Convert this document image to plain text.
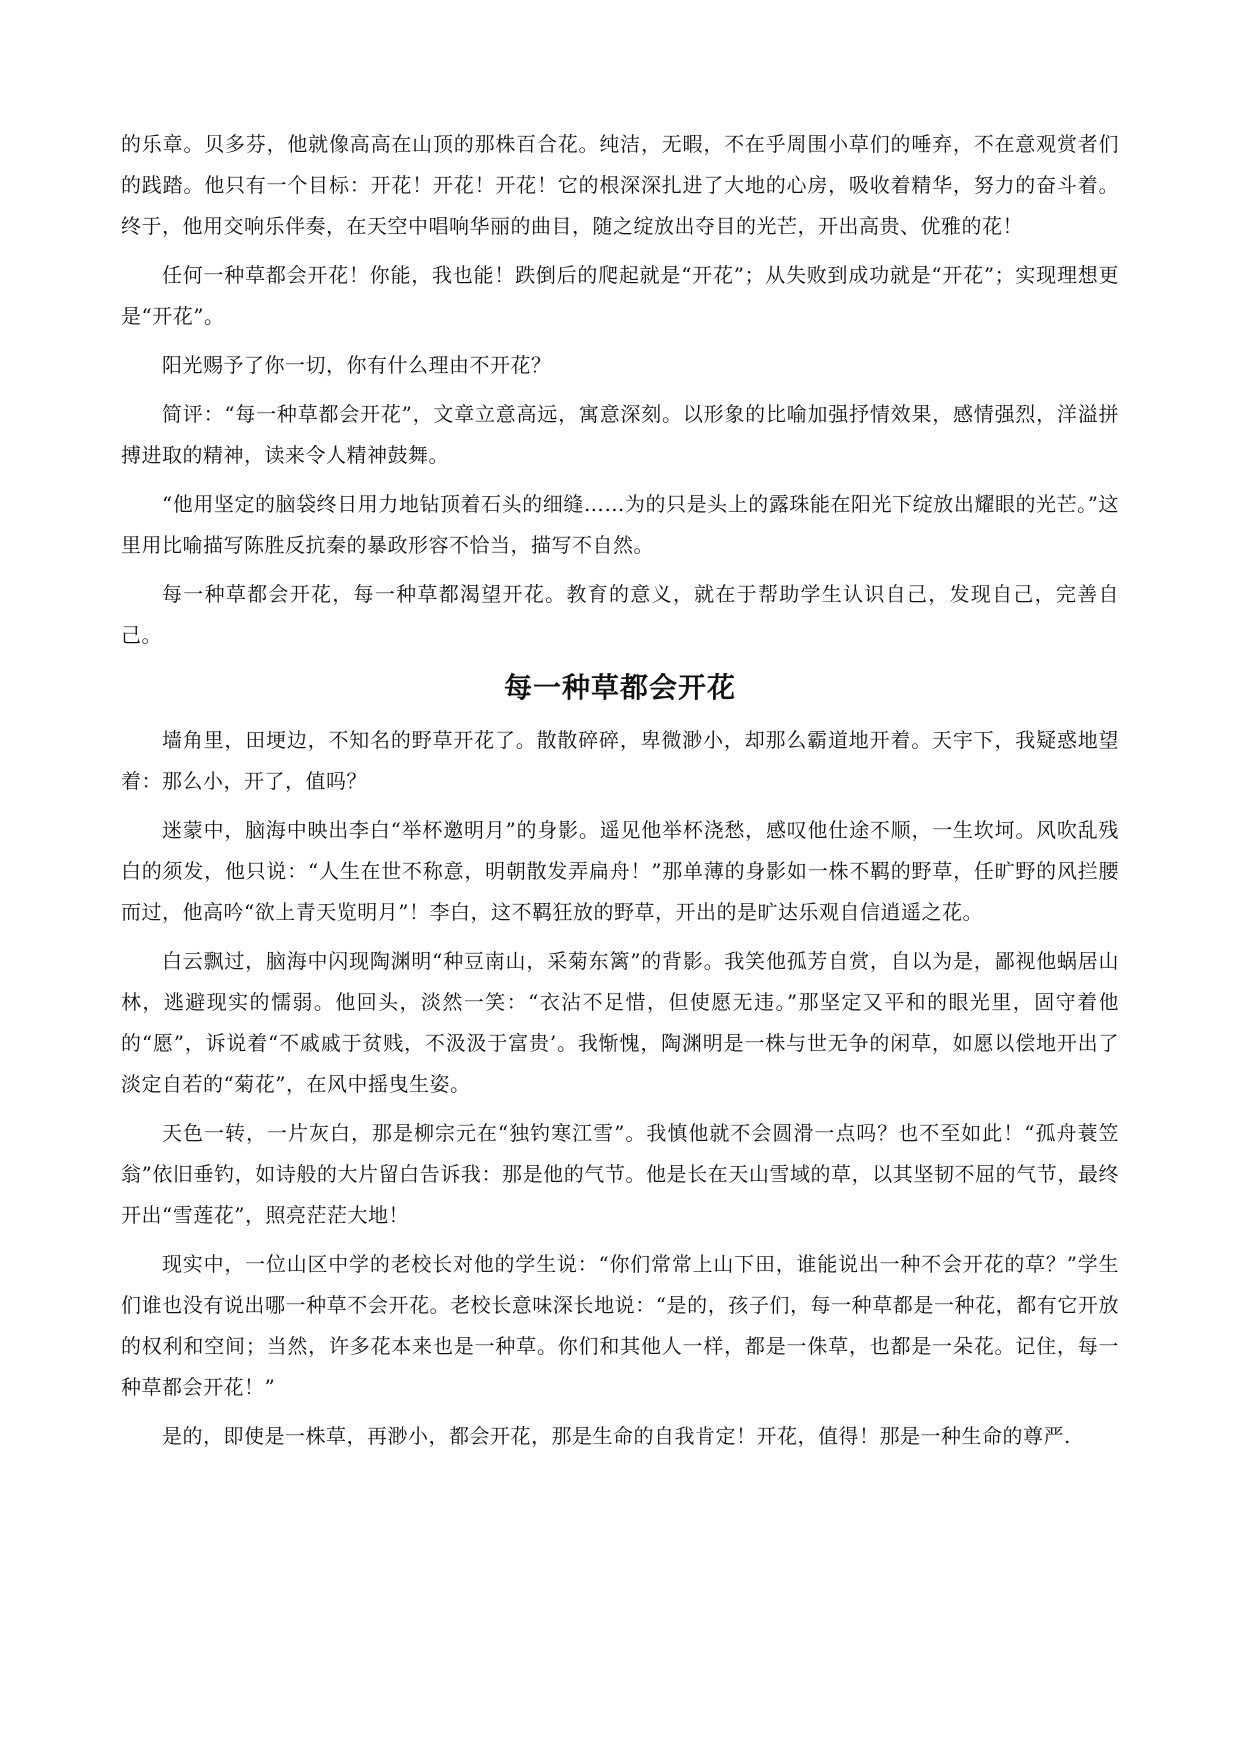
的乐章。贝多芬，他就像高高在山顶的那株百合花。纯洁，无暇，不在乎周围小草们的唾弃，不在意观赏者们的践踏。他只有一个目标：开花！开花！开花！它的根深深扎进了大地的心房，吸收着精华，努力的奋斗着。终于，他用交响乐伴奏，在天空中唱响华丽的曲目，随之绽放出夺目的光芒，开出高贵、优雅的花！

任何一种草都会开花！你能，我也能！跌倒后的爬起就是“开花”；从失败到成功就是“开花”；实现理想更是“开花”。

阳光赐予了你一切，你有什么理由不开花？

简评：“每一种草都会开花”，文章立意高远，寓意深刻。以形象的比喻加强抒情效果，感情强烈，洋溢拼搏进取的精神，读来令人精神鼓舞。

“他用坚定的脑袋终日用力地钻顶着石头的细缝……为的只是头上的露珠能在阳光下绽放出耀眼的光芒。”这里用比喻描写陈胜反抗秦的暴政形容不恰当，描写不自然。

每一种草都会开花，每一种草都渴望开花。教育的意义，就在于帮助学生认识自己，发现自己，完善自己。

每一种草都会开花

墙角里，田埂边，不知名的野草开花了。散散碎碎，卑微渺小，却那么霸道地开着。天宇下，我疑惑地望着：那么小，开了，值吗？

迷蒙中，脑海中映出李白“举杯邀明月”的身影。遥见他举杯浇愁，感叹他仕途不顺，一生坎坷。风吹乱残白的须发，他只说：“人生在世不称意，明朝散发弄扁舟！”那单薄的身影如一株不羁的野草，任旷野的风拦腰而过，他高吟“欲上青天览明月”！李白，这不羁狂放的野草，开出的是旷达乐观自信逍遥之花。

白云飘过，脑海中闪现陶渊明“种豆南山，采菊东篱”的背影。我笑他孤芳自赏，自以为是，鄙视他蜗居山林，逃避现实的懦弱。他回头，淡然一笑：“衣沾不足惜，但使愿无违。”那坚定又平和的眼光里，固守着他的“愿”，诉说着“不戚戚于贫贱，不汲汲于富贵’。我惭愧，陶渊明是一株与世无争的闲草，如愿以偿地开出了淡定自若的“菊花”，在风中摇曳生姿。

天色一转，一片灰白，那是柳宗元在“独钓寒江雪”。我慎他就不会圆滑一点吗？也不至如此！“孤舟蓑笠翁”依旧垂钓，如诗般的大片留白告诉我：那是他的气节。他是长在天山雪域的草，以其坚韧不屈的气节，最终开出“雪莲花”，照亮茫茫大地！

现实中，一位山区中学的老校长对他的学生说：“你们常常上山下田，谁能说出一种不会开花的草？”学生们谁也没有说出哪一种草不会开花。老校长意味深长地说：“是的，孩子们，每一种草都是一种花，都有它开放的权利和空间；当然，许多花本来也是一种草。你们和其他人一样，都是一侏草，也都是一朵花。记住，每一种草都会开花！”

是的，即使是一株草，再渺小，都会开花，那是生命的自我肯定！开花，值得！那是一种生命的尊严.
